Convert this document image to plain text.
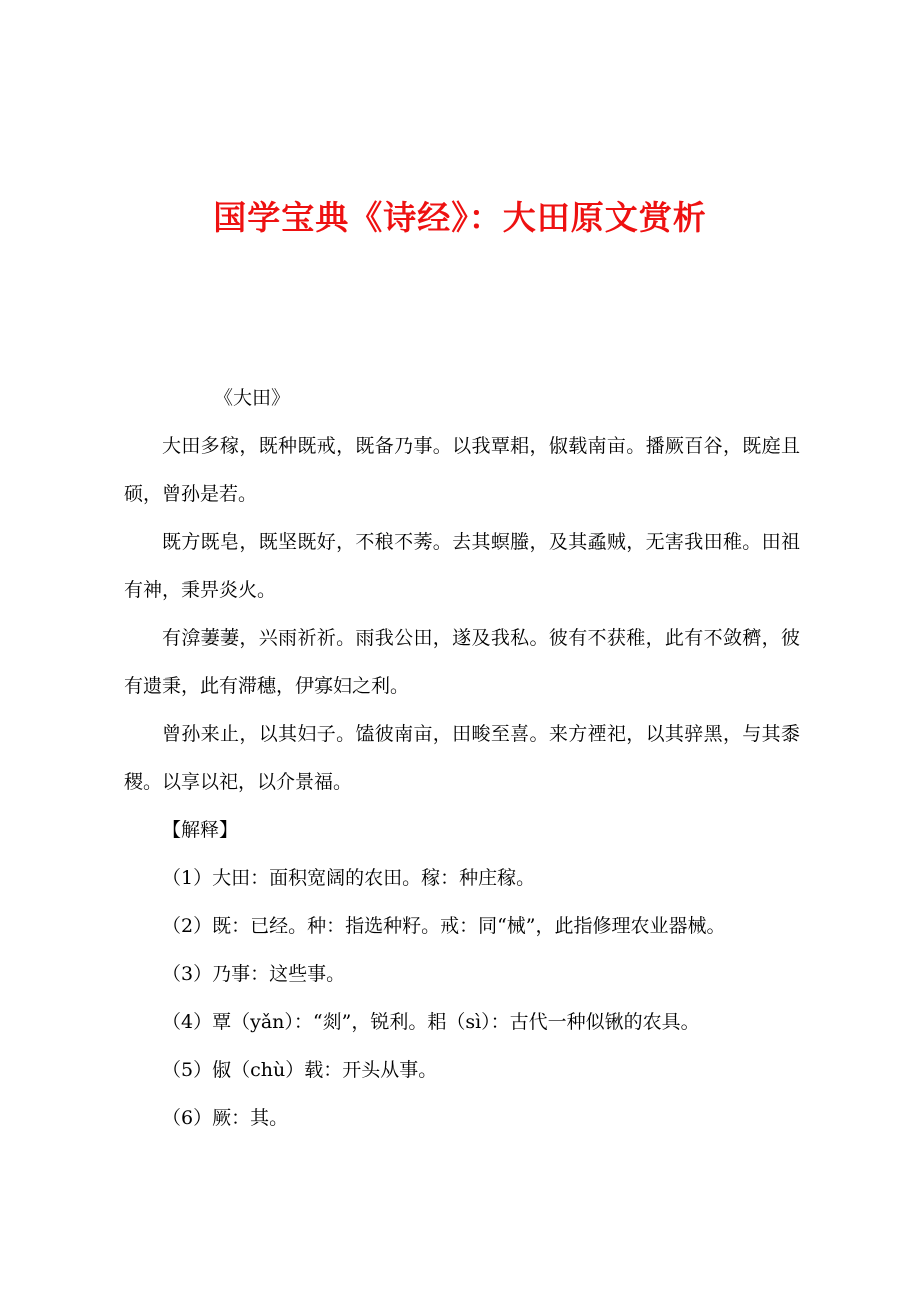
国学宝典《诗经》：大田原文赏析

《大田》

大田多稼，既种既戒，既备乃事。以我覃耜，俶载南亩。播厥百谷，既庭且硕，曾孙是若。

既方既皂，既坚既好，不稂不莠。去其螟螣，及其蟊贼，无害我田稚。田祖有神，秉畀炎火。

有渰萋萋，兴雨祈祈。雨我公田，遂及我私。彼有不获稚，此有不敛穧，彼有遗秉，此有滞穗，伊寡妇之利。

曾孙来止，以其妇子。馌彼南亩，田畯至喜。来方禋祀，以其骍黑，与其黍稷。以享以祀，以介景福。

【解释】

（1）大田：面积宽阔的农田。稼：种庄稼。

（2）既：已经。种：指选种籽。戒：同“械”，此指修理农业器械。

（3）乃事：这些事。

（4）覃（yǎn）：“剡”，锐利。耜（sì）：古代一种似锹的农具。

（5）俶（chù）载：开头从事。

（6）厥：其。
